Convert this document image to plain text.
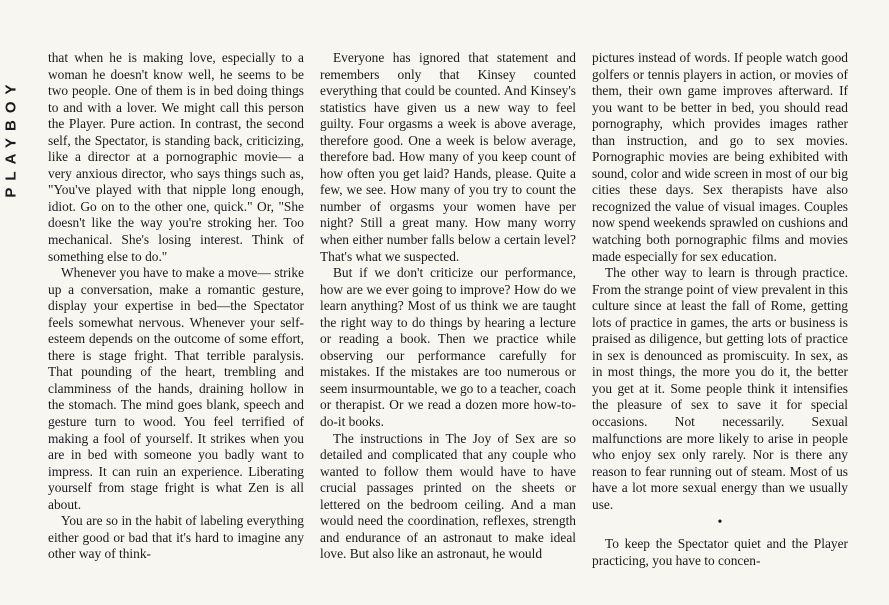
PLAYBOY

that when he is making love, especially to a woman he doesn't know well, he seems to be two people. One of them is in bed doing things to and with a lover. We might call this person the Player. Pure action. In contrast, the second self, the Spectator, is standing back, criticizing, like a director at a pornographic movie— a very anxious director, who says things such as, "You've played with that nipple long enough, idiot. Go on to the other one, quick." Or, "She doesn't like the way you're stroking her. Too mechanical. She's losing interest. Think of something else to do."

Whenever you have to make a move— strike up a conversation, make a romantic gesture, display your expertise in bed—the Spectator feels somewhat nervous. Whenever your self-esteem depends on the outcome of some effort, there is stage fright. That terrible paralysis. That pounding of the heart, trembling and clamminess of the hands, draining hollow in the stomach. The mind goes blank, speech and gesture turn to wood. You feel terrified of making a fool of yourself. It strikes when you are in bed with someone you badly want to impress. It can ruin an experience. Liberating yourself from stage fright is what Zen is all about.

You are so in the habit of labeling everything either good or bad that it's hard to imagine any other way of think-

Everyone has ignored that statement and remembers only that Kinsey counted everything that could be counted. And Kinsey's statistics have given us a new way to feel guilty. Four orgasms a week is above average, therefore good. One a week is below average, therefore bad. How many of you keep count of how often you get laid? Hands, please. Quite a few, we see. How many of you try to count the number of orgasms your women have per night? Still a great many. How many worry when either number falls below a certain level? That's what we suspected.

But if we don't criticize our performance, how are we ever going to improve? How do we learn anything? Most of us think we are taught the right way to do things by hearing a lecture or reading a book. Then we practice while observing our performance carefully for mistakes. If the mistakes are too numerous or seem insurmountable, we go to a teacher, coach or therapist. Or we read a dozen more how-to-do-it books.

The instructions in The Joy of Sex are so detailed and complicated that any couple who wanted to follow them would have to have crucial passages printed on the sheets or lettered on the bedroom ceiling. And a man would need the coordination, reflexes, strength and endurance of an astronaut to make ideal love. But also like an astronaut, he would

pictures instead of words. If people watch good golfers or tennis players in action, or movies of them, their own game improves afterward. If you want to be better in bed, you should read pornography, which provides images rather than instruction, and go to sex movies. Pornographic movies are being exhibited with sound, color and wide screen in most of our big cities these days. Sex therapists have also recognized the value of visual images. Couples now spend weekends sprawled on cushions and watching both pornographic films and movies made especially for sex education.

The other way to learn is through practice. From the strange point of view prevalent in this culture since at least the fall of Rome, getting lots of practice in games, the arts or business is praised as diligence, but getting lots of practice in sex is denounced as promiscuity. In sex, as in most things, the more you do it, the better you get at it. Some people think it intensifies the pleasure of sex to save it for special occasions. Not necessarily. Sexual malfunctions are more likely to arise in people who enjoy sex only rarely. Nor is there any reason to fear running out of steam. Most of us have a lot more sexual energy than we usually use.

•

To keep the Spectator quiet and the Player practicing, you have to concen-
